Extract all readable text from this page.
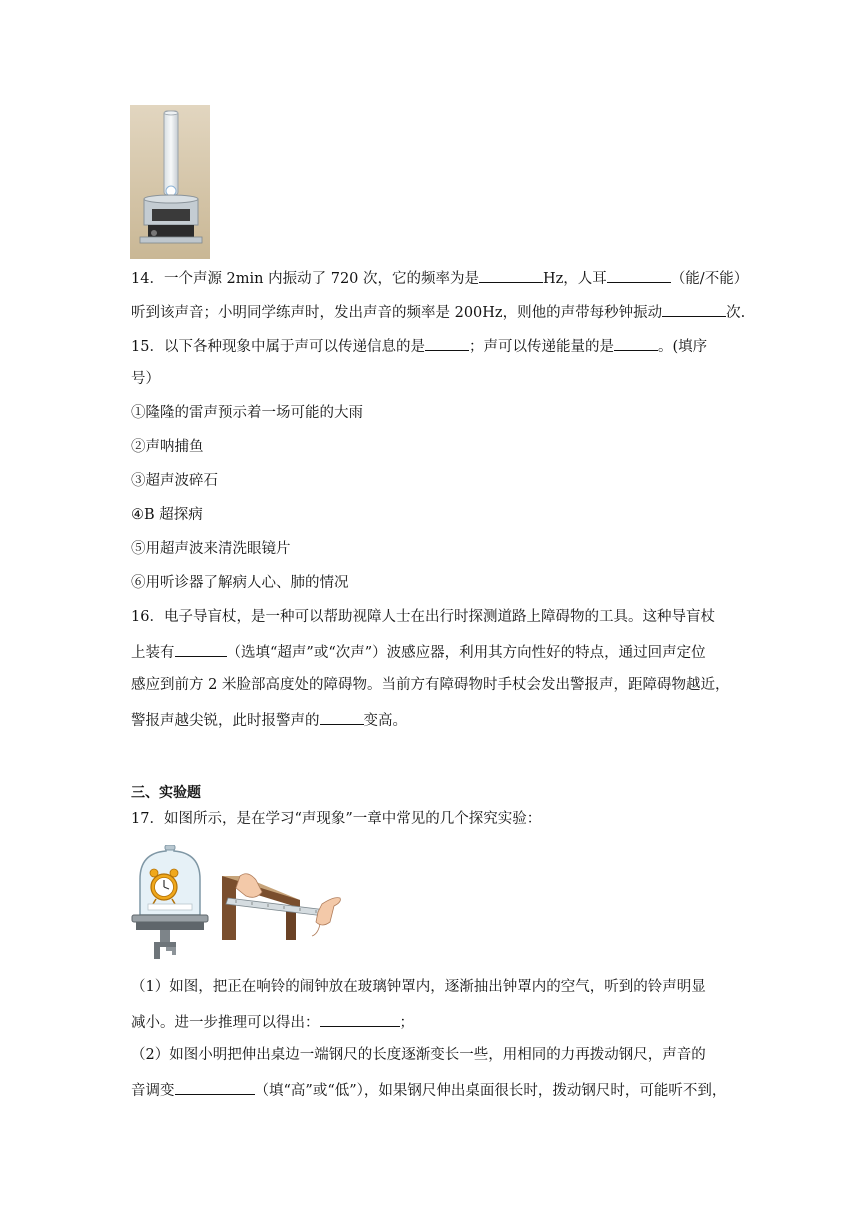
14．一个声源 2min 内振动了 720 次，它的频率为是	Hz，人耳	（能/不能）
听到该声音；小明同学练声时，发出声音的频率是 200Hz，则他的声带每秒钟振动	次.
15．以下各种现象中属于声可以传递信息的是	；声可以传递能量的是	。(填序
号）
①隆隆的雷声预示着一场可能的大雨
②声呐捕鱼
③超声波碎石
④B 超探病
⑤用超声波来清洗眼镜片
⑥用听诊器了解病人心、肺的情况
16．电子导盲杖，是一种可以帮助视障人士在出行时探测道路上障碍物的工具。这种导盲杖
上装有	（选填“超声”或“次声”）波感应器，利用其方向性好的特点，通过回声定位
感应到前方 2 米脸部高度处的障碍物。当前方有障碍物时手杖会发出警报声，距障碍物越近，
警报声越尖锐，此时报警声的	变高。
三、实验题
17．如图所示，是在学习“声现象”一章中常见的几个探究实验：
（1）如图，把正在响铃的闹钟放在玻璃钟罩内，逐渐抽出钟罩内的空气，听到的铃声明显
减小。进一步推理可以得出：	；
（2）如图小明把伸出桌边一端钢尺的长度逐渐变长一些，用相同的力再拨动钢尺，声音的
音调变	（填“高”或“低”），如果钢尺伸出桌面很长时，拨动钢尺时，可能听不到，
